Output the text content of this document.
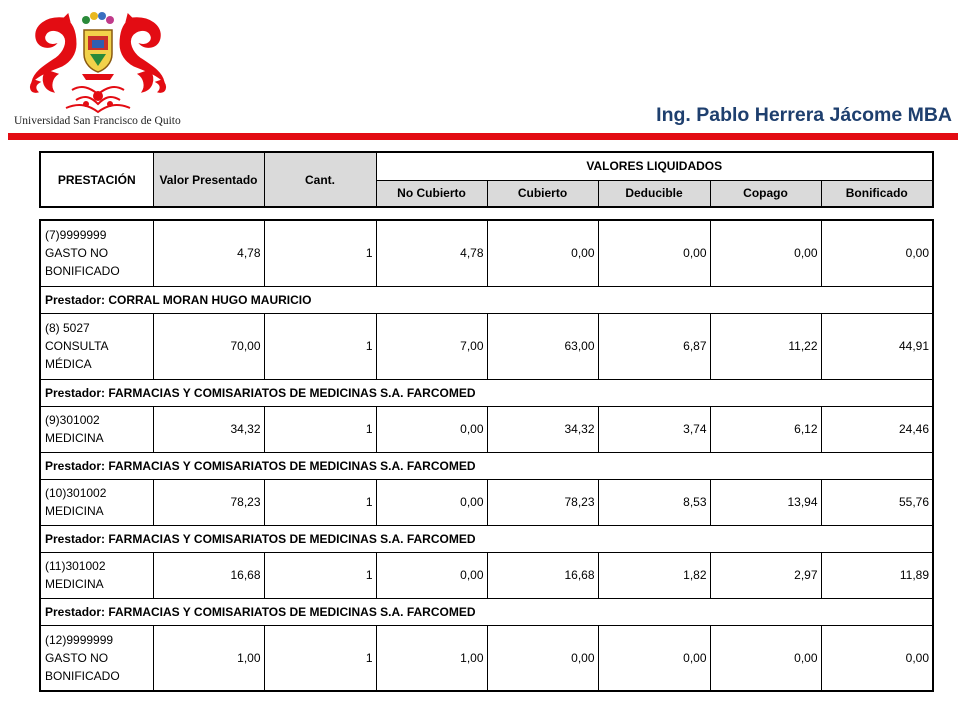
Universidad San Francisco de Quito	Ing. Pablo Herrera Jácome MBA
PRESTACIÓN	Valor Presentado	Cant.	VALORES LIQUIDADOS				
			No Cubierto	Cubierto	Deducible	Copago	Bonificado
(7)9999999
GASTO NO
BONIFICADO	4,78	1	4,78	0,00	0,00	0,00	0,00
Prestador: CORRAL MORAN HUGO MAURICIO							

(8) 5027
CONSULTA
MÉDICA	70,00	1	7,00	63,00	6,87	11,22	44,91
Prestador: FARMACIAS Y COMISARIATOS DE MEDICINAS S.A. FARCOMED							

(9)301002
MEDICINA	34,32	1	0,00	34,32	3,74	6,12	24,46
Prestador: FARMACIAS Y COMISARIATOS DE MEDICINAS S.A. FARCOMED							

(10)301002
MEDICINA	78,23	1	0,00	78,23	8,53	13,94	55,76
Prestador: FARMACIAS Y COMISARIATOS DE MEDICINAS S.A. FARCOMED							

(11)301002
MEDICINA	16,68	1	0,00	16,68	1,82	2,97	11,89
Prestador: FARMACIAS Y COMISARIATOS DE MEDICINAS S.A. FARCOMED							

(12)9999999
GASTO NO
BONIFICADO	1,00	1	1,00	0,00	0,00	0,00	0,00
